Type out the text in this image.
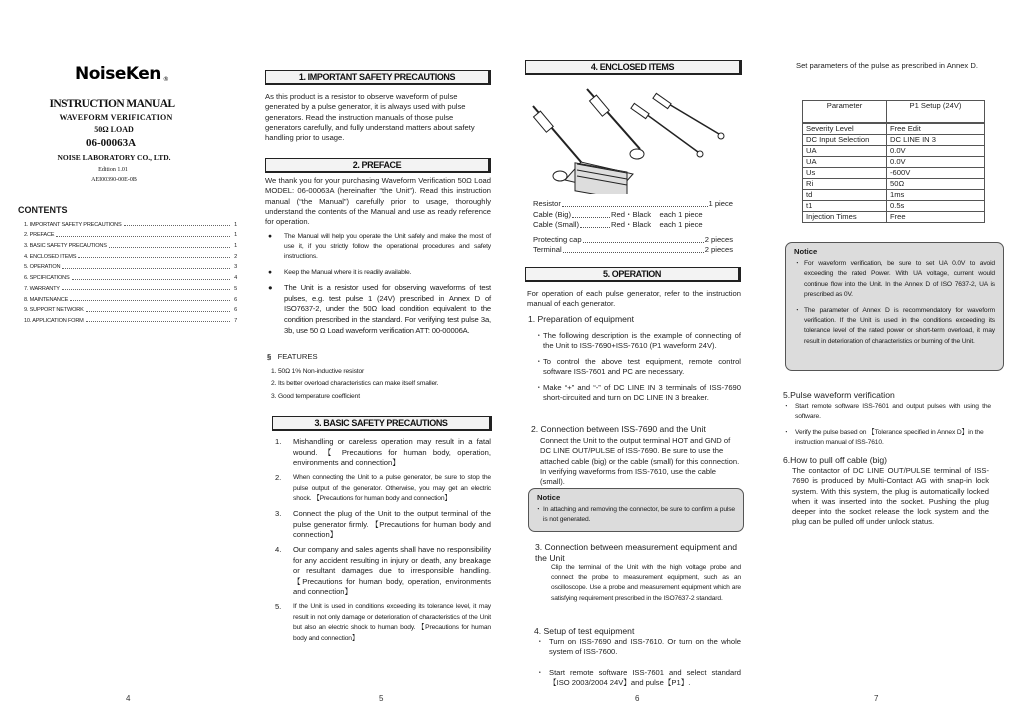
NoiseKen ®
INSTRUCTION MANUAL
WAVEFORM VERIFICATION
50Ω LOAD
06-00063A
NOISE LABORATORY CO., LTD.
Edition 1.01
AEI00390-00E-0B
CONTENTS
1. IMPORTANT SAFETY PRECAUTIONS	1
2. PREFACE	1
3. BASIC SAFETY PRECAUTIONS	1
4. ENCLOSED ITEMS	2
5. OPERATION	3
6. SPCIFICATIONS	4
7. WARRANTY	5
8. MAINTENANCE	6
9. SUPPORT NETWORK	6
10. APPLICATION FORM	7
4
1. IMPORTANT SAFETY PRECAUTIONS
As this product is a resistor to observe waveform of pulse generated by a pulse generator, it is always used with pulse generators. Read the instruction manuals of those pulse generators carefully, and fully understand matters about safety handling prior to usage.
2. PREFACE
We thank you for your purchasing Waveform Verification 50Ω Load MODEL: 06-00063A (hereinafter “the Unit”). Read this instruction manual (“the Manual”) carefully prior to usage, thoroughly understand the contents of the Manual and use as ready reference for operation.
● The Manual will help you operate the Unit safely and make the most of use it, if you strictly follow the operational procedures and safety instructions.
● Keep the Manual where it is readily available.
● The Unit is a resistor used for observing waveforms of test pulses, e.g. test pulse 1 (24V) prescribed in Annex D of ISO7637-2, under the 50Ω load condition equivalent to the condition prescribed in the standard. For verifying test pulse 3a, 3b, use 50 Ω Load waveform verification ATT: 00-00006A.
§ FEATURES
1. 50Ω 1% Non-inductive resistor
2. Its better overload characteristics can make itself smaller.
3. Good temperature coefficient
3. BASIC SAFETY PRECAUTIONS
1. Mishandling or careless operation may result in a fatal wound. 【 Precautions for human body, operation, environments and connection】
2. When connecting the Unit to a pulse generator, be sure to stop the pulse output of the generator. Otherwise, you may get an electric shock. 【Precautions for human body and connection】
3. Connect the plug of the Unit to the output terminal of the pulse generator firmly. 【Precautions for human body and connection】
4. Our company and sales agents shall have no responsibility for any accident resulting in injury or death, any breakage or resultant damages due to irresponsible handling. 【Precautions for human body, operation, environments and connection】
5. If the Unit is used in conditions exceeding its tolerance level, it may result in not only damage or deterioration of characteristics of the Unit but also an electric shock to human body. 【Precautions for human body and connection】
5
4. ENCLOSED ITEMS
Resistor	1 piece
Cable (Big)	Red・Black
each 1 piece
Cable (Small)	Red・Black
each 1 piece
Protecting cap	2 pieces
Terminal	2 pieces
5. OPERATION
For operation of each pulse generator, refer to the instruction manual of each generator.
1. Preparation of equipment
・ The following description is the example of connecting of the Unit to ISS-7690+ISS-7610 (P1 waveform 24V).
・ To control the above test equipment, remote control software ISS-7601 and PC are necessary.
・ Make “+” and “-” of DC LINE IN 3 terminals of ISS-7690 short-circuited and turn on DC LINE IN 3 breaker.
2. Connection between ISS-7690 and the Unit
Connect the Unit to the output terminal HOT and GND of DC LINE OUT/PULSE of ISS-7690. Be sure to use the attached cable (big) or the cable (small) for this connection. In verifying waveforms from ISS-7610, use the cable (small).
Notice
・ In attaching and removing the connector, be sure to confirm a pulse is not generated.
3. Connection between measurement equipment and the Unit
Clip the terminal of the Unit with the high voltage probe and connect the probe to measurement equipment, such as an oscilloscope. Use a probe and measurement equipment which are satisfying requirement prescribed in the ISO7637-2 standard.
4. Setup of test equipment
・ Turn on ISS-7690 and ISS-7610. Or turn on the whole system of ISS-7600.
・ Start remote software ISS-7601 and select standard【ISO 2003/2004 24V】and pulse【P1】.
6
Set parameters of the pulse as prescribed in Annex D.
Parameter	P1 Setup (24V)
Severity Level	Free Edit
DC Input Selection	DC LINE IN 3
UA	0.0V
UA	0.0V
Us	-600V
Ri	50Ω
td	1ms
t1	0.5s
Injection Times	Free
Notice
・ For waveform verification, be sure to set UA 0.0V to avoid exceeding the rated Power. With UA voltage, current would continue flow into the Unit. In the Annex D of ISO 7637-2, UA is prescribed as 0V.
・ The parameter of Annex D is recommendatory for waveform verification. If the Unit is used in the conditions exceeding its tolerance level of the rated power or short-term overload, it may result in deterioration of characteristics or burning of the Unit.
5.Pulse waveform verification
・ Start remote software ISS-7601 and output pulses with using the software.
・ Verify the pulse based on 【Tolerance specified in Annex D】in the instruction manual of ISS-7610.
6.How to pull off cable (big)
The contactor of DC LINE OUT/PULSE terminal of ISS-7690 is produced by Multi-Contact AG with snap-in lock system. With this system, the plug is automatically locked when it was inserted into the socket. Pushing the plug deeper into the socket release the lock system and the plug can be pulled off under unlock status.
7
